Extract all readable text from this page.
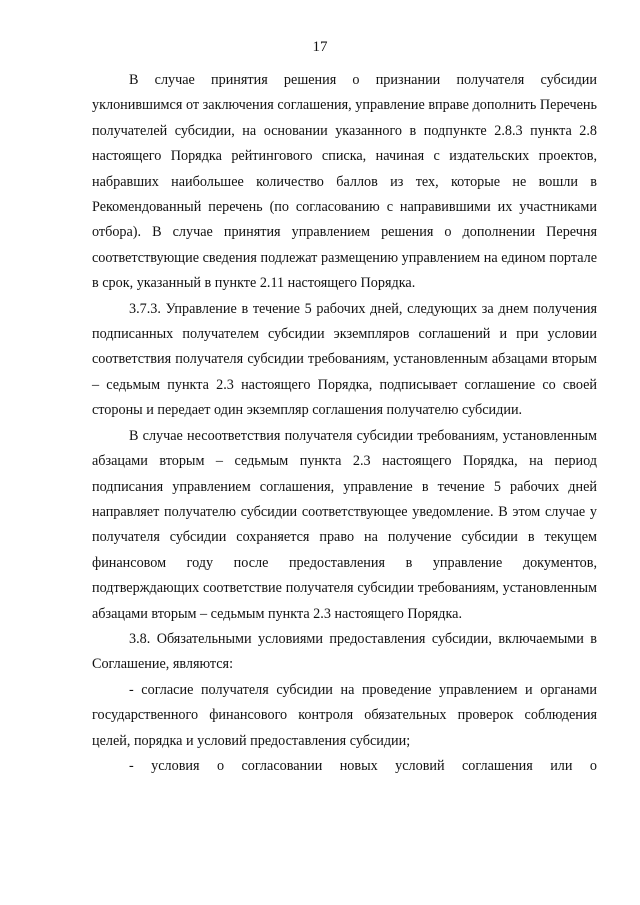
17

В случае принятия решения о признании получателя субсидии уклонившимся от заключения соглашения, управление вправе дополнить Перечень получателей субсидии, на основании указанного в подпункте 2.8.3 пункта 2.8 настоящего Порядка рейтингового списка, начиная с издательских проектов, набравших наибольшее количество баллов из тех, которые не вошли в Рекомендованный перечень (по согласованию с направившими их участниками отбора). В случае принятия управлением решения о дополнении Перечня соответствующие сведения подлежат размещению управлением на едином портале в срок, указанный в пункте 2.11 настоящего Порядка.

3.7.3. Управление в течение 5 рабочих дней, следующих за днем получения подписанных получателем субсидии экземпляров соглашений и при условии соответствия получателя субсидии требованиям, установленным абзацами вторым – седьмым пункта 2.3 настоящего Порядка, подписывает соглашение со своей стороны и передает один экземпляр соглашения получателю субсидии.

В случае несоответствия получателя субсидии требованиям, установленным абзацами вторым – седьмым пункта 2.3 настоящего Порядка, на период подписания управлением соглашения, управление в течение 5 рабочих дней направляет получателю субсидии соответствующее уведомление. В этом случае у получателя субсидии сохраняется право на получение субсидии в текущем финансовом году после предоставления в управление документов, подтверждающих соответствие получателя субсидии требованиям, установленным абзацами вторым – седьмым пункта 2.3 настоящего Порядка.

3.8. Обязательными условиями предоставления субсидии, включаемыми в Соглашение, являются:

- согласие получателя субсидии на проведение управлением и органами государственного финансового контроля обязательных проверок соблюдения целей, порядка и условий предоставления субсидии;

- условия о согласовании новых условий соглашения или о
